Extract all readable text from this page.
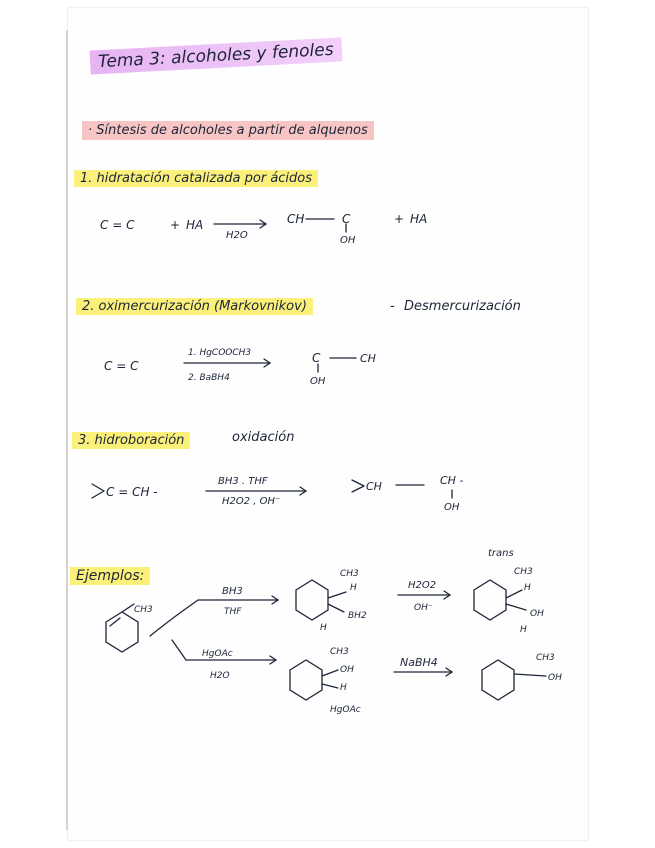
Tema 3: alcoholes y fenoles
· Síntesis de alcoholes a partir de alquenos
1. hidratación catalizada por ácidos
2. oximercurización (Markovnikov)	- Desmercurización
3. hidroboración	oxidación
Ejemplos:
C = C	+ HA
H2O
CH	C
OH
+ HA
C = C
1. HgCOOCH3
2. BaBH4
C	CH
OH
C = CH -
BH3 . THF
H2O2 , OH⁻
CH	CH -
OH
CH3
BH3
THF
CH3
H
H
BH2
H2O2
OH⁻
trans
CH3
H
OH
H
HgOAc
H2O
CH3
OH
H
HgOAc
NaBH4	CH3
OH
